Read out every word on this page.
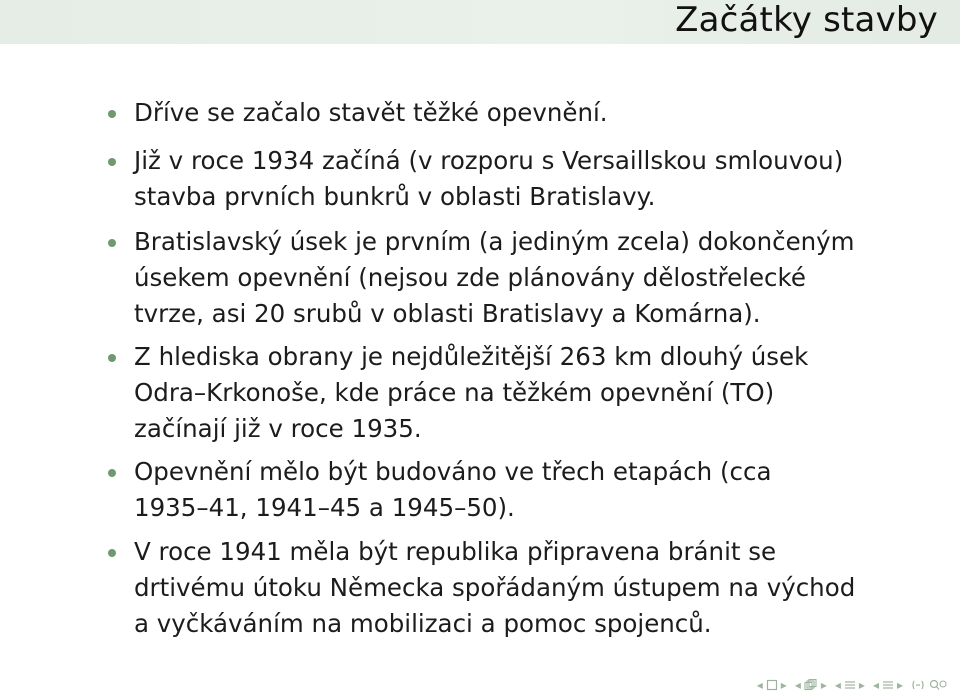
Začátky stavby
Dříve se začalo stavět těžké opevnění.
Již v roce 1934 začíná (v rozporu s Versaillskou smlouvou)
stavba prvních bunkrů v oblasti Bratislavy.
Bratislavský úsek je prvním (a jediným zcela) dokončeným
úsekem opevnění (nejsou zde plánovány dělostřelecké
tvrze, asi 20 srubů v oblasti Bratislavy a Komárna).
Z hlediska obrany je nejdůležitější 263 km dlouhý úsek
Odra–Krkonoše, kde práce na těžkém opevnění (TO)
začínají již v roce 1935.
Opevnění mělo být budováno ve třech etapách (cca
1935–41, 1941–45 a 1945–50).
V roce 1941 měla být republika připravena bránit se
drtivému útoku Německa spořádaným ústupem na východ
a vyčkáváním na mobilizaci a pomoc spojenců.
◂ ▸ ◂ ▸ ◂ ▸ ◂ ▸
